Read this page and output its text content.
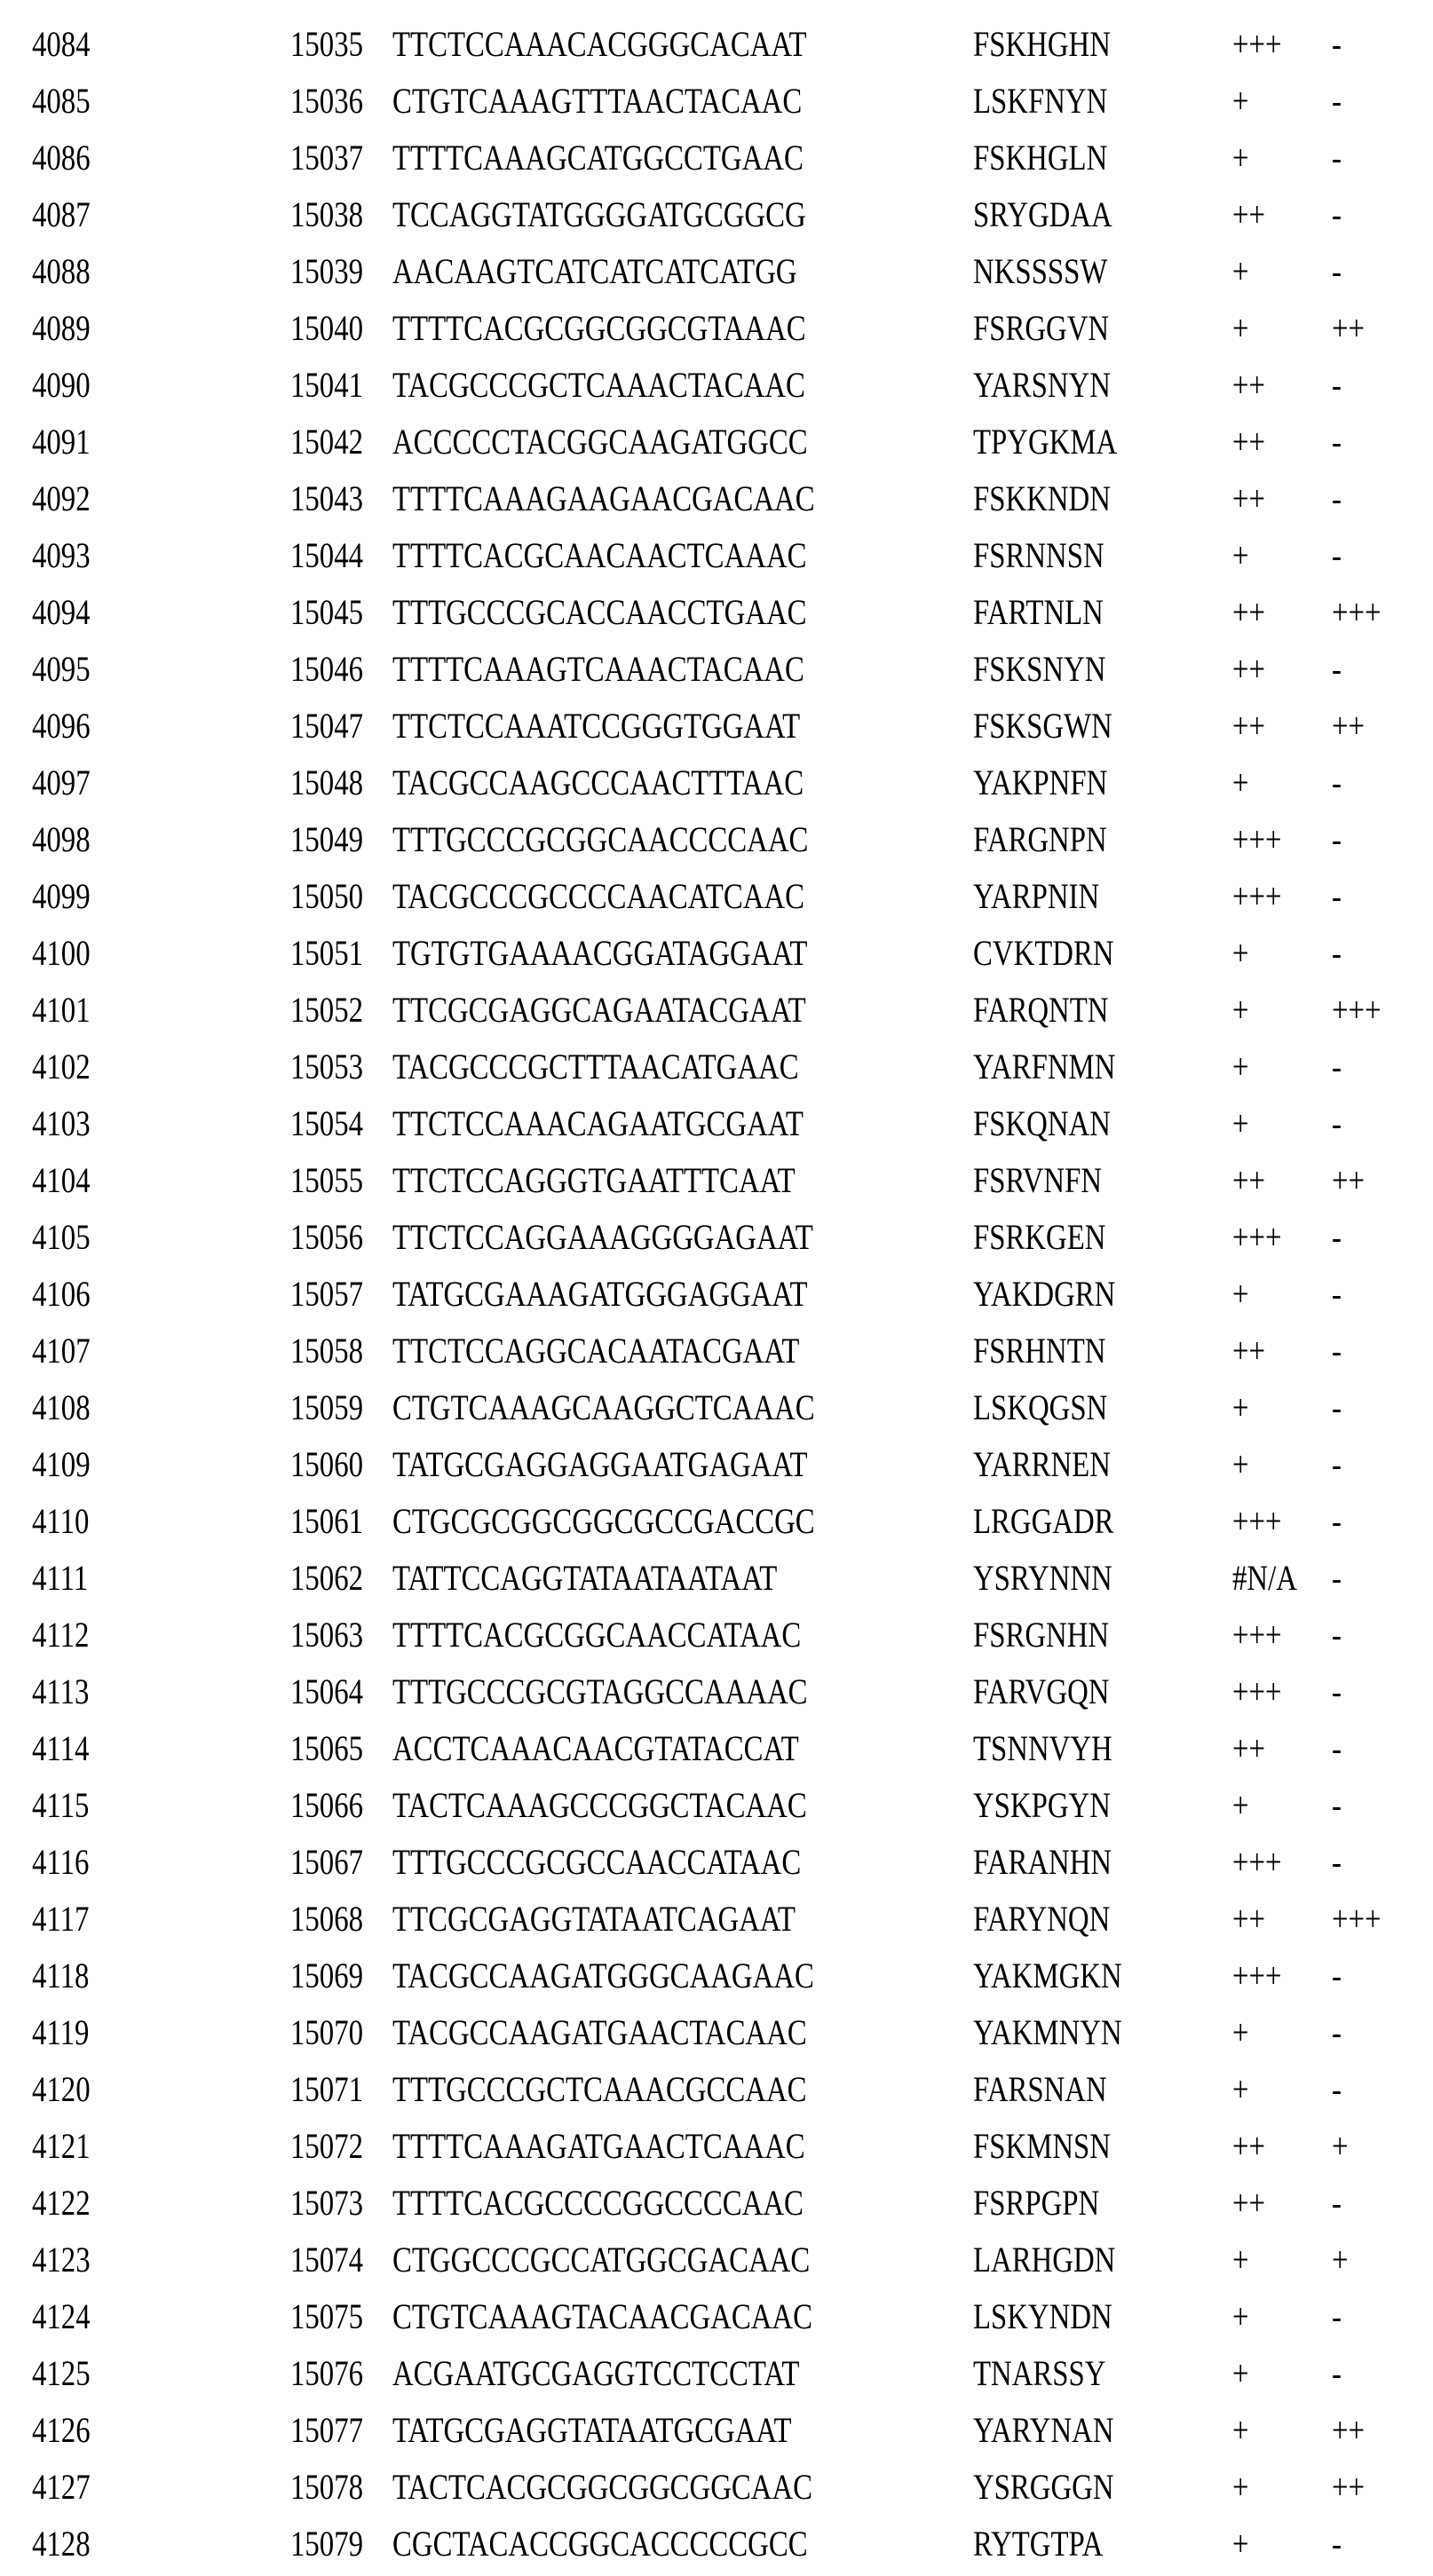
4084	15035 TTCTCCAAACACGGGCACAAT	FSKHGHN	+++ -
4085	15036 CTGTCAAAGTTTAACTACAAC	LSKFNYN	+ -
4086	15037 TTTTCAAAGCATGGCCTGAAC	FSKHGLN	+ -
4087	15038 TCCAGGTATGGGGATGCGGCG	SRYGDAA	++ -
4088	15039 AACAAGTCATCATCATCATGG	NKSSSSW	+ -
4089	15040 TTTTCACGCGGCGGCGTAAAC	FSRGGVN	+ ++
4090	15041 TACGCCCGCTCAAACTACAAC	YARSNYN	++ -
4091	15042 ACCCCCTACGGCAAGATGGCC	TPYGKMA	++ -
4092	15043 TTTTCAAAGAAGAACGACAAC	FSKKNDN	++ -
4093	15044 TTTTCACGCAACAACTCAAAC	FSRNNSN	+ -
4094	15045 TTTGCCCGCACCAACCTGAAC	FARTNLN	++ +++
4095	15046 TTTTCAAAGTCAAACTACAAC	FSKSNYN	++ -
4096	15047 TTCTCCAAATCCGGGTGGAAT	FSKSGWN	++ ++
4097	15048 TACGCCAAGCCCAACTTTAAC	YAKPNFN	+ -
4098	15049 TTTGCCCGCGGCAACCCCAAC	FARGNPN	+++ -
4099	15050 TACGCCCGCCCCAACATCAAC	YARPNIN	+++ -
4100	15051 TGTGTGAAAACGGATAGGAAT	CVKTDRN	+ -
4101	15052 TTCGCGAGGCAGAATACGAAT	FARQNTN	+ +++
4102	15053 TACGCCCGCTTTAACATGAAC	YARFNMN	+ -
4103	15054 TTCTCCAAACAGAATGCGAAT	FSKQNAN	+ -
4104	15055 TTCTCCAGGGTGAATTTCAAT	FSRVNFN	++ ++
4105	15056 TTCTCCAGGAAAGGGGAGAAT	FSRKGEN	+++ -
4106	15057 TATGCGAAAGATGGGAGGAAT	YAKDGRN	+ -
4107	15058 TTCTCCAGGCACAATACGAAT	FSRHNTN	++ -
4108	15059 CTGTCAAAGCAAGGCTCAAAC	LSKQGSN	+ -
4109	15060 TATGCGAGGAGGAATGAGAAT	YARRNEN	+ -
4110	15061 CTGCGCGGCGGCGCCGACCGC	LRGGADR	+++ -
4111	15062 TATTCCAGGTATAATAATAAT	YSRYNNN	#N/A -
4112	15063 TTTTCACGCGGCAACCATAAC	FSRGNHN	+++ -
4113	15064 TTTGCCCGCGTAGGCCAAAAC	FARVGQN	+++ -
4114	15065 ACCTCAAACAACGTATACCAT	TSNNVYH	++ -
4115	15066 TACTCAAAGCCCGGCTACAAC	YSKPGYN	+ -
4116	15067 TTTGCCCGCGCCAACCATAAC	FARANHN	+++ -
4117	15068 TTCGCGAGGTATAATCAGAAT	FARYNQN	++ +++
4118	15069 TACGCCAAGATGGGCAAGAAC	YAKMGKN	+++ -
4119	15070 TACGCCAAGATGAACTACAAC	YAKMNYN	+ -
4120	15071 TTTGCCCGCTCAAACGCCAAC	FARSNAN	+ -
4121	15072 TTTTCAAAGATGAACTCAAAC	FSKMNSN	++ +
4122	15073 TTTTCACGCCCCGGCCCCAAC	FSRPGPN	++ -
4123	15074 CTGGCCCGCCATGGCGACAAC	LARHGDN	+ +
4124	15075 CTGTCAAAGTACAACGACAAC	LSKYNDN	+ -
4125	15076 ACGAATGCGAGGTCCTCCTAT	TNARSSY	+ -
4126	15077 TATGCGAGGTATAATGCGAAT	YARYNAN	+ ++
4127	15078 TACTCACGCGGCGGCGGCAAC	YSRGGGN	+ ++
4128	15079 CGCTACACCGGCACCCCCGCC	RYTGTPA	+ -
